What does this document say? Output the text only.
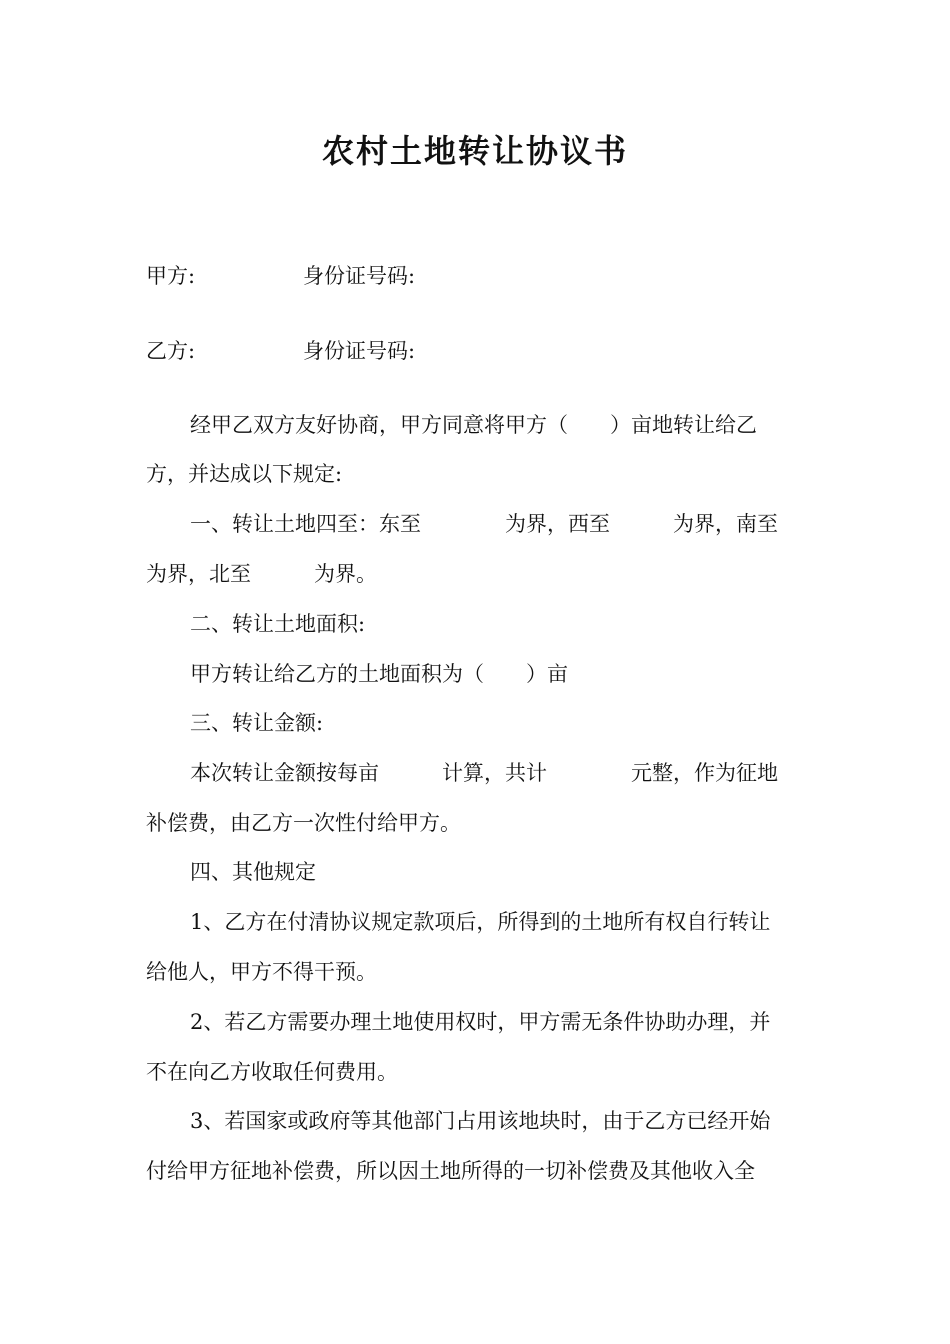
农村土地转让协议书
甲方:	身份证号码:
乙方:	身份证号码:
经甲乙双方友好协商，甲方同意将甲方（　　）亩地转让给乙
方，并达成以下规定:
一、转让土地四至：东至　　　　为界，西至　　　为界，南至
为界，北至　　　为界。
二、转让土地面积:
甲方转让给乙方的土地面积为（　　）亩
三、转让金额:
本次转让金额按每亩　　　计算，共计　　　　元整，作为征地
补偿费，由乙方一次性付给甲方。
四、其他规定
1、乙方在付清协议规定款项后，所得到的土地所有权自行转让
给他人，甲方不得干预。
2、若乙方需要办理土地使用权时，甲方需无条件协助办理，并
不在向乙方收取任何费用。
3、若国家或政府等其他部门占用该地块时，由于乙方已经开始
付给甲方征地补偿费，所以因土地所得的一切补偿费及其他收入全
